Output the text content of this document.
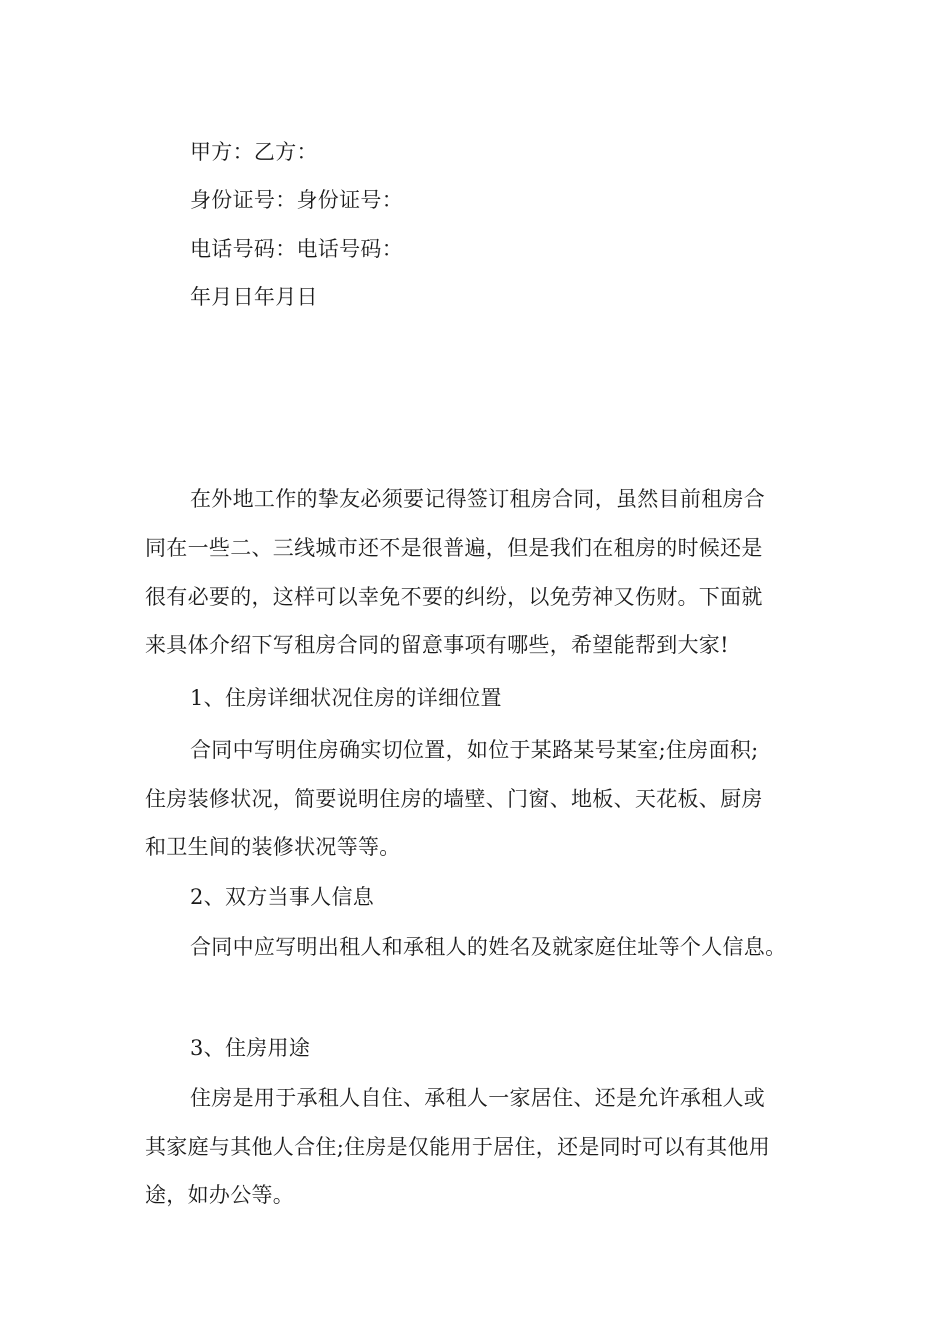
甲方：乙方：
身份证号：身份证号：
电话号码：电话号码：
年月日年月日
在外地工作的挚友必须要记得签订租房合同，虽然目前租房合
同在一些二、三线城市还不是很普遍，但是我们在租房的时候还是
很有必要的，这样可以幸免不要的纠纷，以免劳神又伤财。下面就
来具体介绍下写租房合同的留意事项有哪些，希望能帮到大家!
1、住房详细状况住房的详细位置
合同中写明住房确实切位置，如位于某路某号某室;住房面积;
住房装修状况，简要说明住房的墙壁、门窗、地板、天花板、厨房
和卫生间的装修状况等等。
2、双方当事人信息
合同中应写明出租人和承租人的姓名及就家庭住址等个人信息。
3、住房用途
住房是用于承租人自住、承租人一家居住、还是允许承租人或
其家庭与其他人合住;住房是仅能用于居住，还是同时可以有其他用
途，如办公等。
